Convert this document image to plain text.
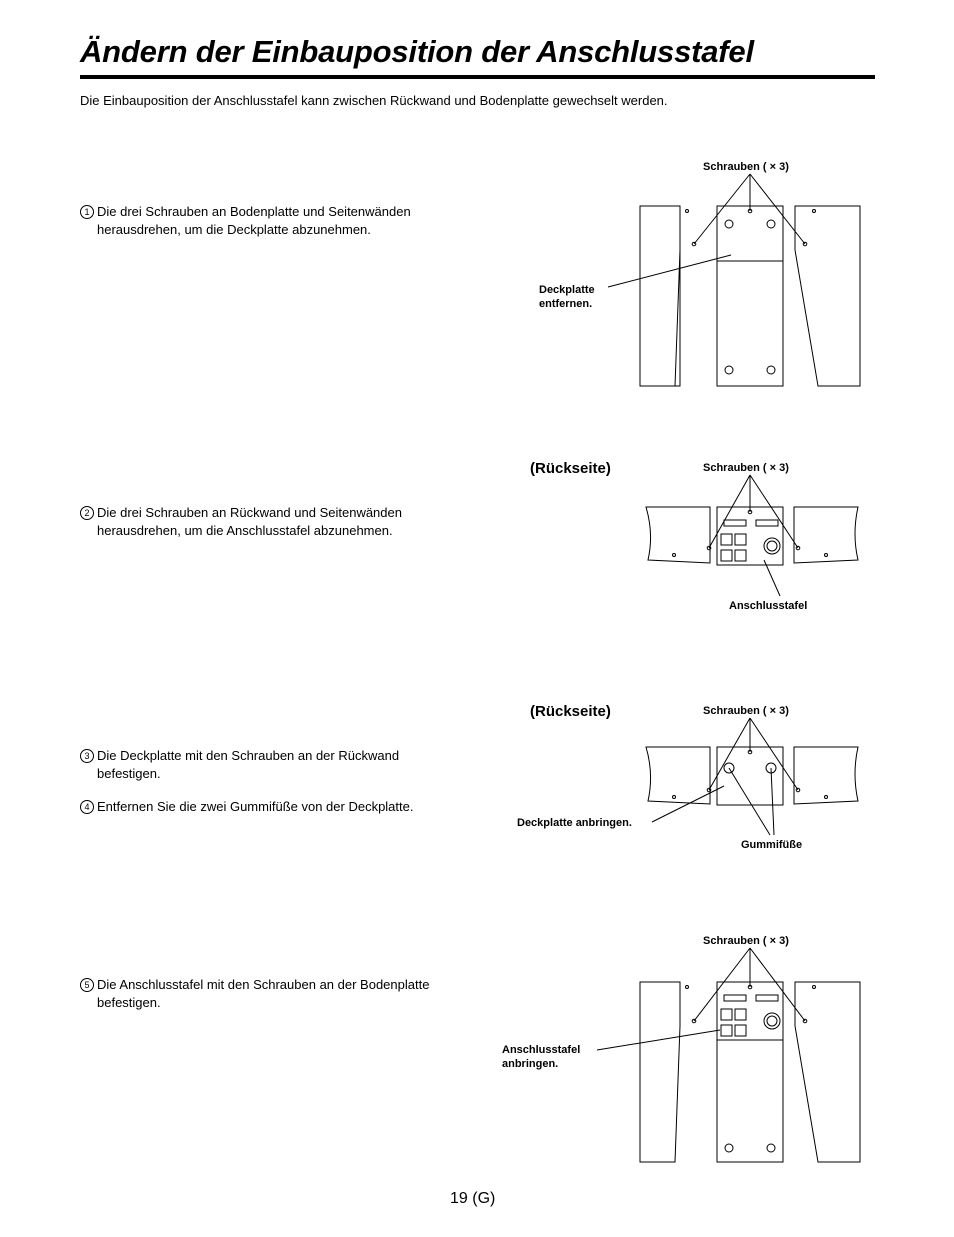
Ändern der Einbauposition der Anschlusstafel
Die Einbauposition der Anschlusstafel kann zwischen Rückwand und Bodenplatte gewechselt werden.
1 Die drei Schrauben an Bodenplatte und Seitenwänden herausdrehen, um die Deckplatte abzunehmen.
2 Die drei Schrauben an Rückwand und Seitenwänden herausdrehen, um die Anschlusstafel abzunehmen.
3 Die Deckplatte mit den Schrauben an der Rückwand befestigen.
4 Entfernen Sie die zwei Gummifüße von der Deckplatte.
5 Die Anschlusstafel mit den Schrauben an der Bodenplatte befestigen.
Schrauben ( × 3)
Deckplatte
entfernen.
(Rückseite)	Schrauben ( × 3)
Anschlusstafel
(Rückseite)	Schrauben ( × 3)
Deckplatte anbringen.
Gummifüße
Schrauben ( × 3)
Anschlusstafel
anbringen.
19 (G)
